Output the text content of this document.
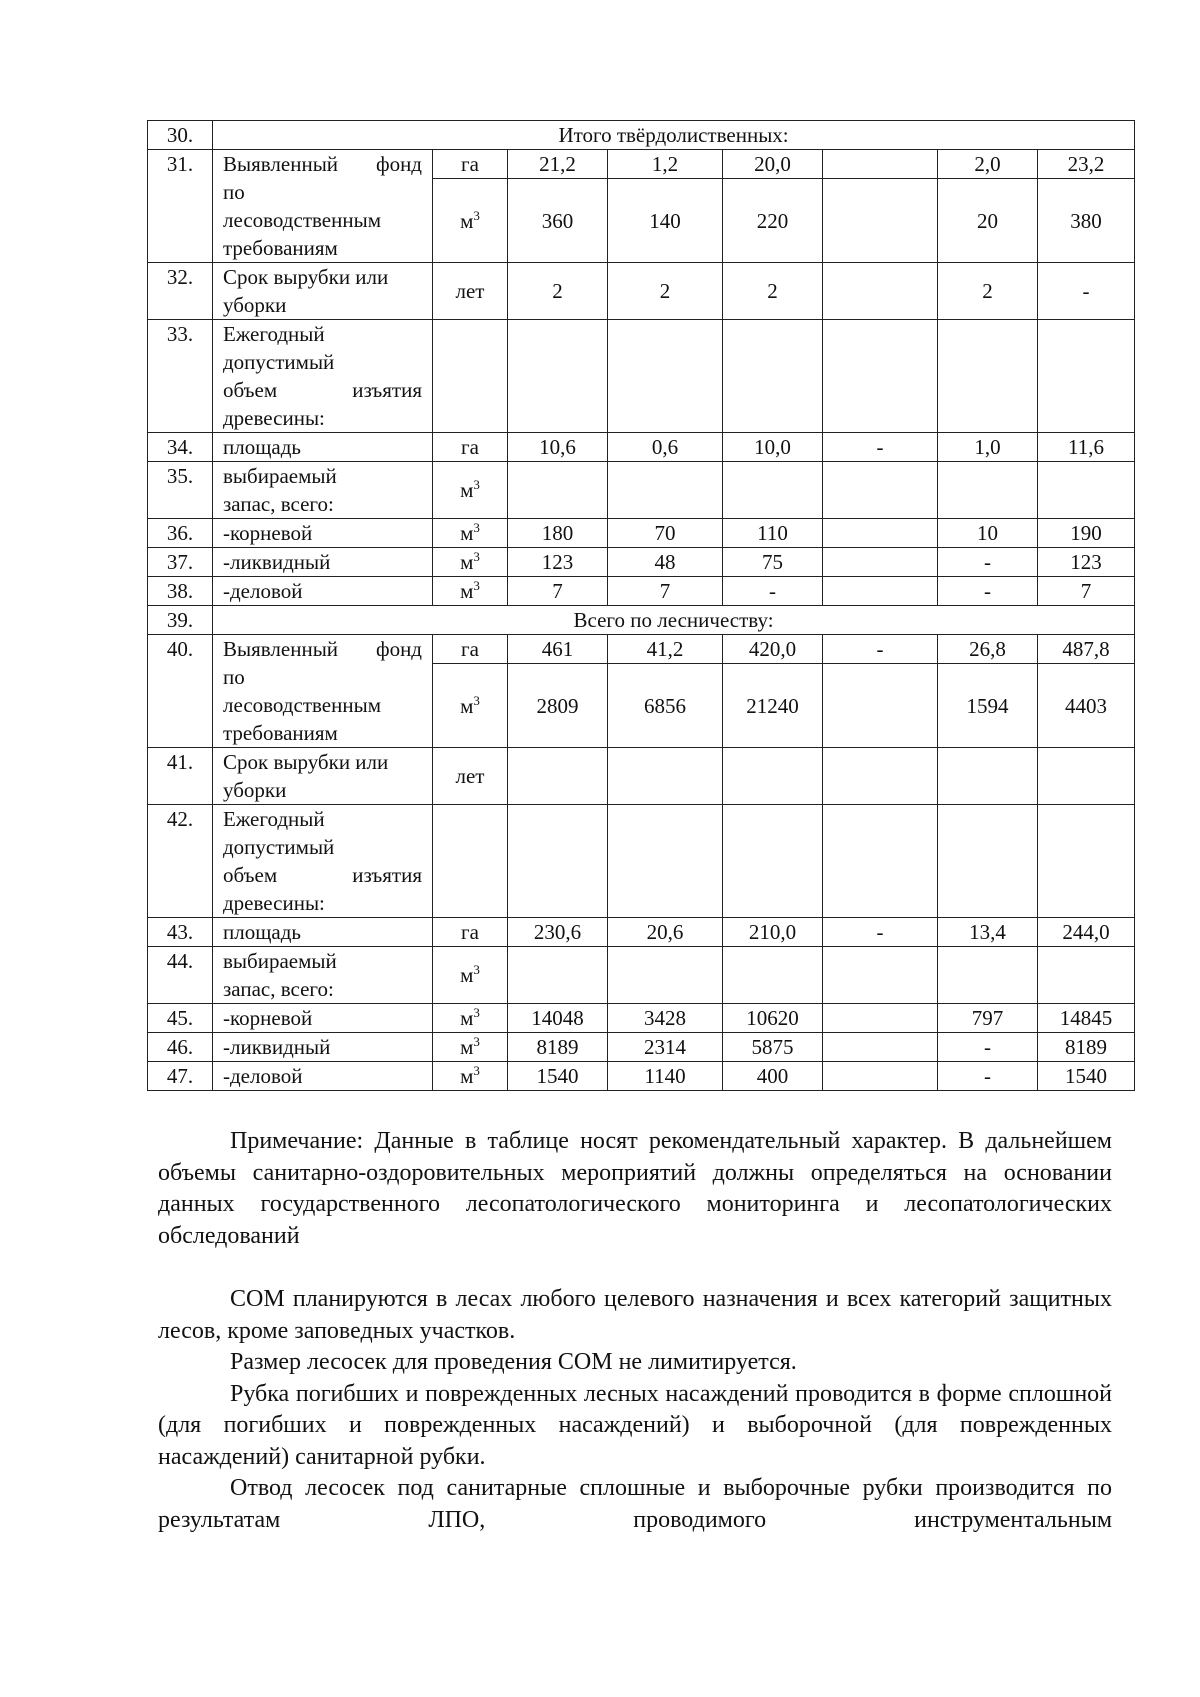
30.	Итого твёрдолиственных:							
31.	Выявленный фонд
по
лесоводственным
требованиям	га	21,2	1,2	20,0		2,0	23,2
		$м^3$	360	140	220		20	380
32.	Срок вырубки или
уборки	лет	2	2	2		2	-
33.	Ежегодный
допустимый
объем изъятия
древесины:							

34.	площадь	га	10,6	0,6	10,0	-	1,0	11,6
35.	выбираемый
запас, всего:	$м^3$						
36.	-корневой	$м^3$	180	70	110		10	190
37.	-ликвидный	$м^3$	123	48	75		-	123
38.	-деловой	$м^3$	7	7	-		-	7
39.	Всего по лесничеству:							
40.	Выявленный фонд
по
лесоводственным
требованиям	га	461	41,2	420,0	-	26,8	487,8
		$м^3$	2809	6856	21240		1594	4403
41.	Срок вырубки или
уборки	лет						
42.	Ежегодный
допустимый
объем изъятия
древесины:							

43.	площадь	га	230,6	20,6	210,0	-	13,4	244,0
44.	выбираемый
запас, всего:	$м^3$						
45.	-корневой	$м^3$	14048	3428	10620		797	14845
46.	-ликвидный	$м^3$	8189	2314	5875		-	8189
47.	-деловой	$м^3$	1540	1140	400		-	1540

Примечание: Данные в таблице носят рекомендательный характер. В дальнейшем объемы санитарно-оздоровительных мероприятий должны определяться на основании данных государственного лесопатологического мониторинга и лесопатологических обследований

СОМ планируются в лесах любого целевого назначения и всех категорий защитных лесов, кроме заповедных участков.

Размер лесосек для проведения СОМ не лимитируется.

Рубка погибших и поврежденных лесных насаждений проводится в форме сплошной (для погибших и поврежденных насаждений) и выборочной (для поврежденных насаждений) санитарной рубки.

Отвод лесосек под санитарные сплошные и выборочные рубки производится по результатам ЛПО, проводимого инструментальным
